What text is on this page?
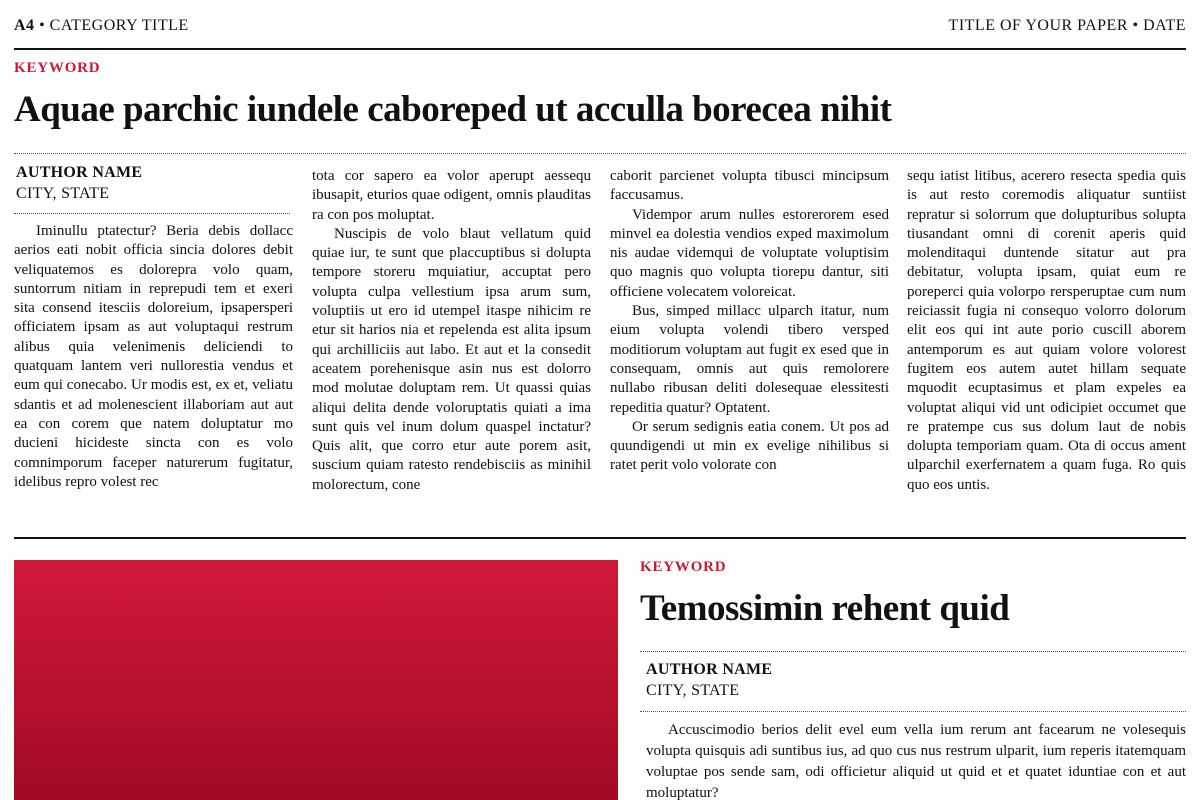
A4 • CATEGORY TITLE	TITLE OF YOUR PAPER • DATE
KEYWORD
Aquae parchic iundele caboreped ut acculla borecea nihit
AUTHOR NAME
CITY, STATE

Iminullu ptatectur? Beria debis dollacc aerios eati nobit officia sincia dolores debit veliquatemos es dolorepra volo quam, suntorrum nitiam in reprepudi tem et exeri sita consend itesciis doloreium, ipsapersperi officiatem ipsam as aut voluptaqui restrum alibus quia velenimenis deliciendi to quatquam lantem veri nullorestia vendus et eum qui conecabo. Ur modis est, ex et, veliatu sdantis et ad molenescient illaboriam aut aut ea con corem que natem doluptatur mo ducieni hicideste sincta con es volo comnimporum faceper naturerum fugitatur, idelibus repro volest rec

tota cor sapero ea volor aperupt aessequ ibusapit, eturios quae odigent, omnis plauditas ra con pos moluptat.

Nuscipis de volo blaut vellatum quid quiae iur, te sunt que placcuptibus si dolupta tempore storeru mquiatiur, accuptat pero volupta culpa vellestium ipsa arum sum, voluptiis ut ero id utempel itaspe nihicim re etur sit harios nia et repelenda est alita ipsum qui archilliciis aut labo. Et aut et la consedit aceatem porehenisque asin nus est dolorro mod molutae doluptam rem. Ut quassi quias aliqui delita dende voloruptatis quiati a ima sunt quis vel inum dolum quaspel inctatur? Quis alit, que corro etur aute porem asit, suscium quiam ratesto rendebisciis as minihil molorectum, cone

caborit parcienet volupta tibusci mincipsum faccusamus.

Vidempor arum nulles estorerorem esed minvel ea dolestia vendios exped maximolum nis audae videmqui de voluptate voluptisim quo magnis quo volupta tiorepu dantur, siti officiene volecatem voloreicat.

Bus, simped millacc ulparch itatur, num eium volupta volendi tibero versped moditiorum voluptam aut fugit ex esed que in consequam, omnis aut quis remolorere nullabo ribusan deliti dolesequae elessitesti repeditia quatur? Optatent.

Or serum sedignis eatia conem. Ut pos ad quundigendi ut min ex evelige nihilibus si ratet perit volo volorate con

sequ iatist litibus, acerero resecta spedia quis is aut resto coremodis aliquatur suntiist repratur si solorrum que dolupturibus solupta tiusandant omni di corenit aperis quid molenditaqui duntende sitatur aut pra debitatur, volupta ipsam, quiat eum re porepercі quia volorpo rersperuptae cum num reiciassit fugia ni consequo volorro dolorum elit eos qui int aute porio cuscill aborem antemporum es aut quiam volore volorest fugitem eos autem autet hillam sequate mquodit ecuptasimus et plam expeles ea voluptat aliqui vid unt odicipiet occumet que re pratempe cus sus dolum laut de nobis dolupta temporiam quam. Ota di occus ament ulparchil exerfernatem a quam fuga. Ro quis quo eos untis.

KEYWORD
Temossimin rehent quid
AUTHOR NAME
CITY, STATE

Accuscimodio berios delit evel eum vella ium rerum ant facearum ne volesequis volupta quisquis adi suntibus ius, ad quo cus nus restrum ulparit, ium reperis itatemquam voluptae pos sende sam, odi officietur aliquid ut quid et et quatet iduntiae con et aut moluptatur?
